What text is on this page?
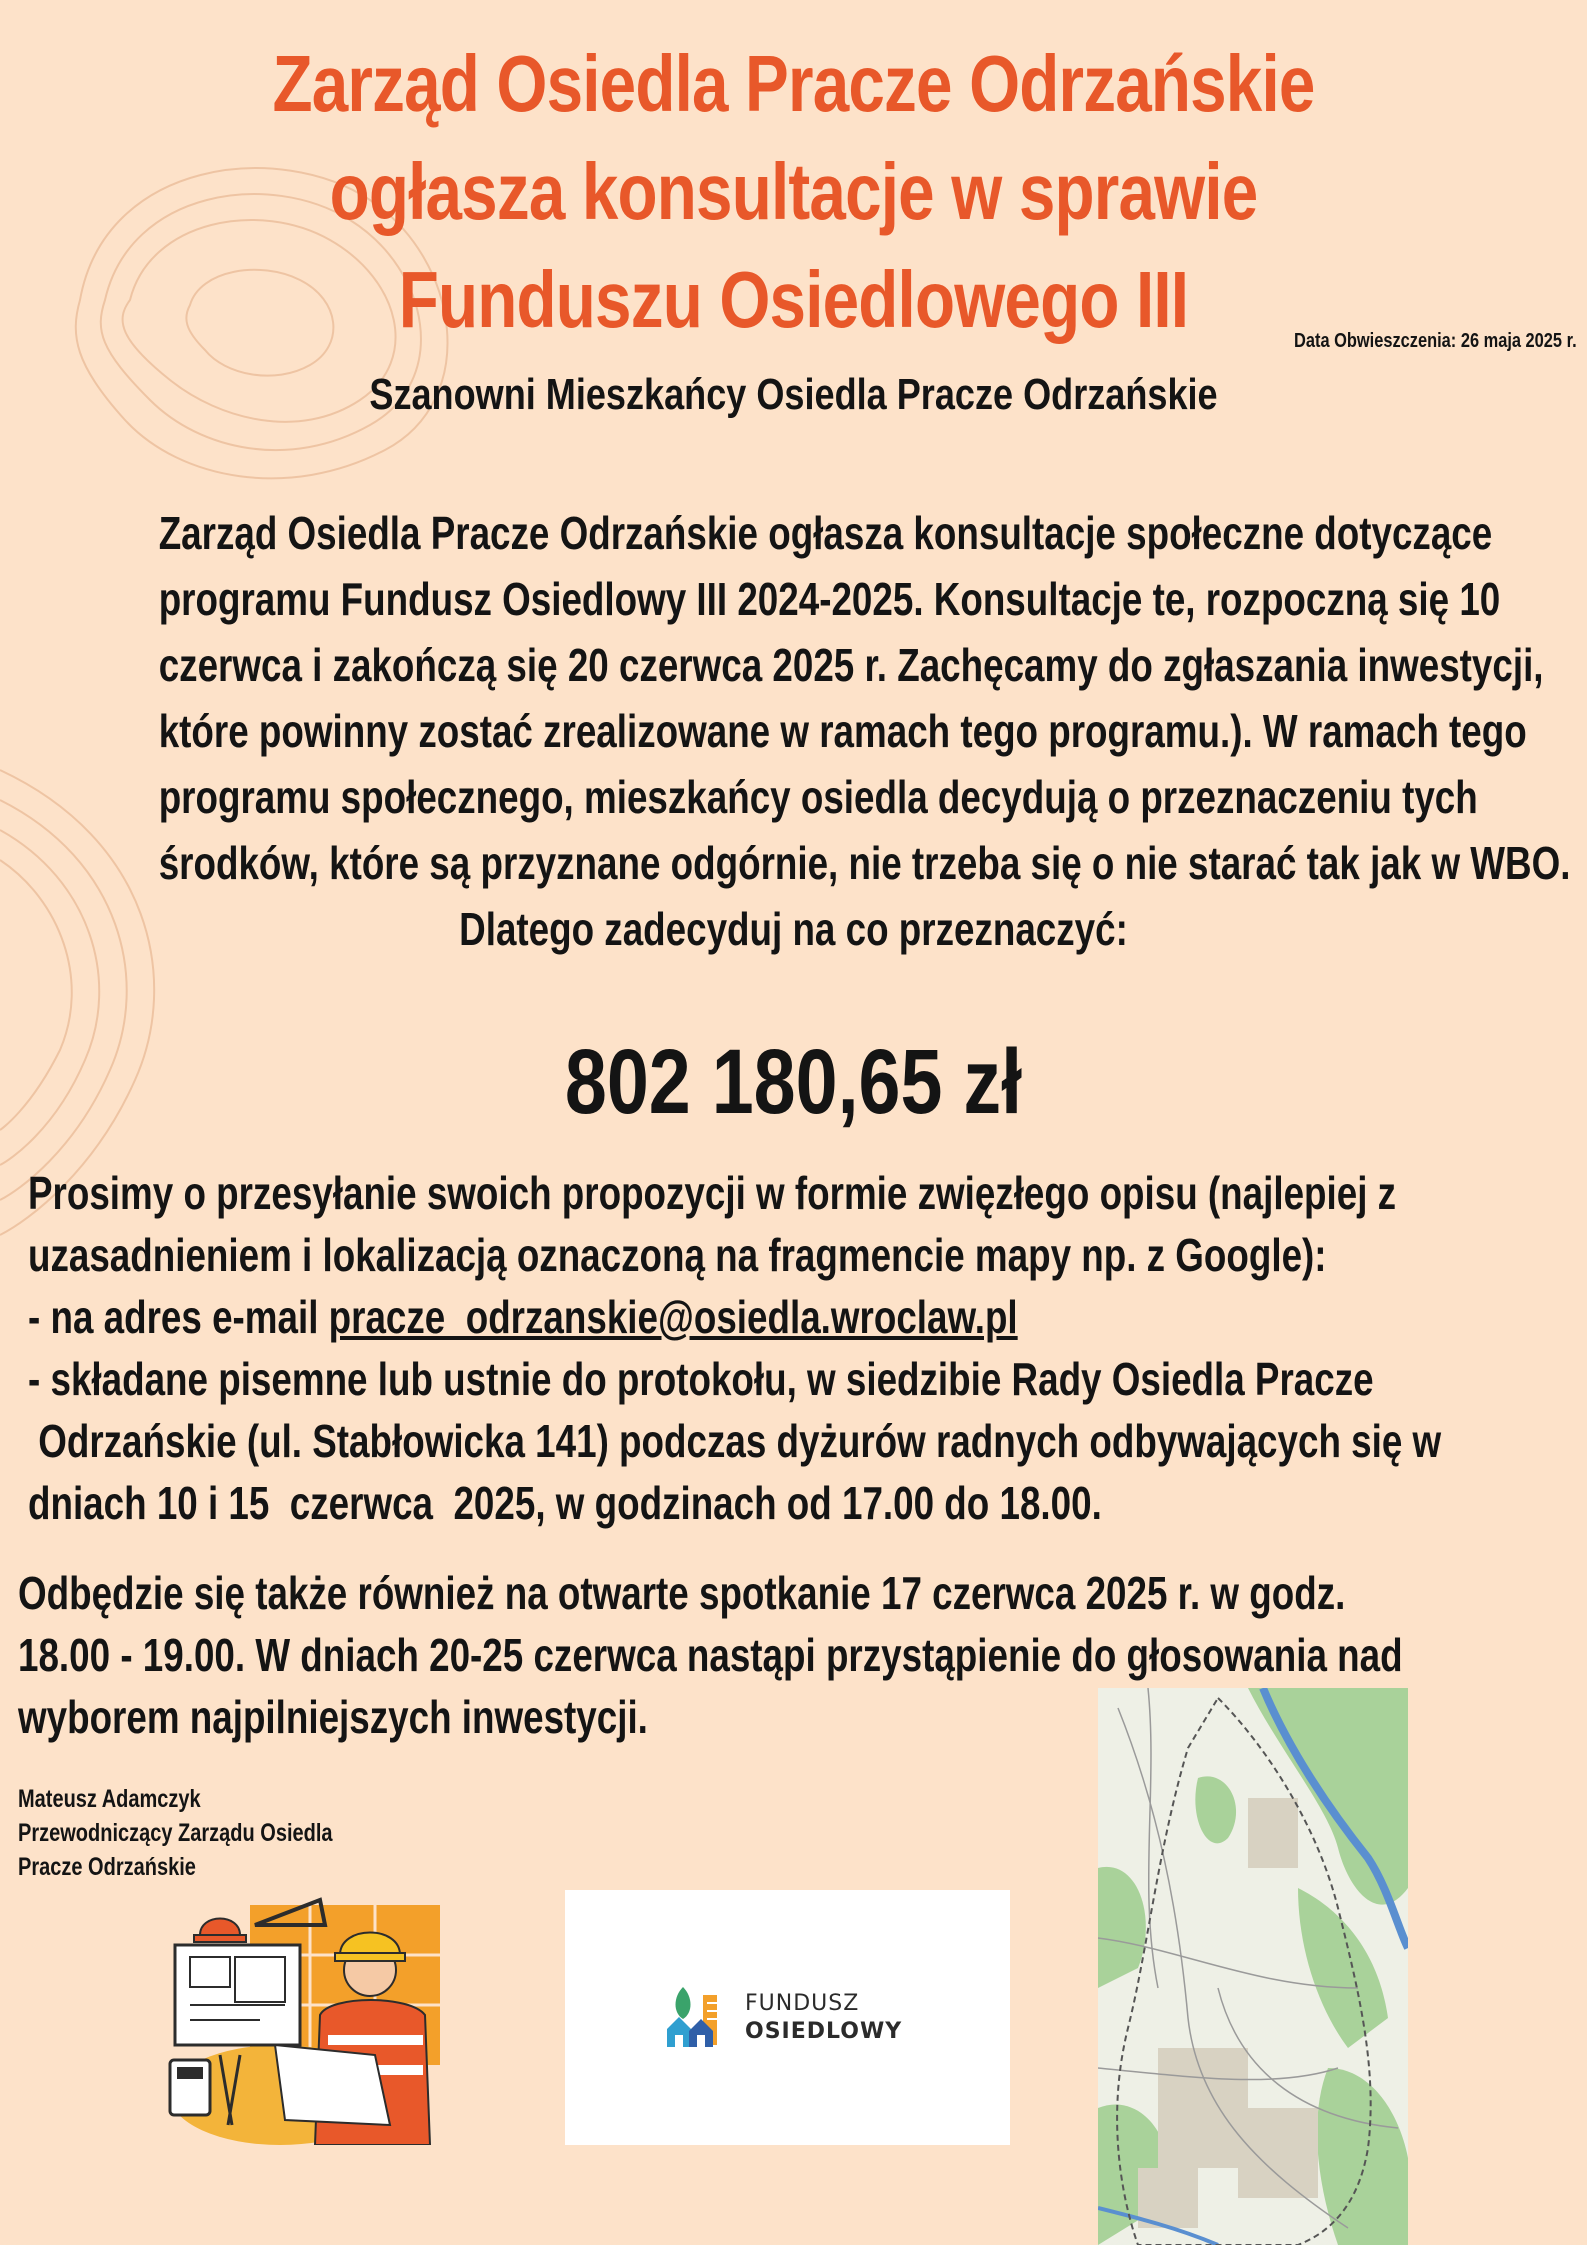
Zarząd Osiedla Pracze Odrzańskie
ogłasza konsultacje w sprawie
Funduszu Osiedlowego III	Data Obwieszczenia: 26 maja 2025 r.
Szanowni Mieszkańcy Osiedla Pracze Odrzańskie
Zarząd Osiedla Pracze Odrzańskie ogłasza konsultacje społeczne dotyczące
programu Fundusz Osiedlowy III 2024-2025. Konsultacje te, rozpoczną się 10
czerwca i zakończą się 20 czerwca 2025 r. Zachęcamy do zgłaszania inwestycji,
które powinny zostać zrealizowane w ramach tego programu.). W ramach tego
programu społecznego, mieszkańcy osiedla decydują o przeznaczeniu tych
środków, które są przyznane odgórnie, nie trzeba się o nie starać tak jak w WBO.
Dlatego zadecyduj na co przeznaczyć:
802 180,65 zł
Prosimy o przesyłanie swoich propozycji w formie zwięzłego opisu (najlepiej z
uzasadnieniem i lokalizacją oznaczoną na fragmencie mapy np. z Google):
- na adres e-mail pracze_odrzanskie@osiedla.wroclaw.pl
- składane pisemne lub ustnie do protokołu, w siedzibie Rady Osiedla Pracze
Odrzańskie (ul. Stabłowicka 141) podczas dyżurów radnych odbywających się w
dniach 10 i 15  czerwca  2025, w godzinach od 17.00 do 18.00.
Odbędzie się także również na otwarte spotkanie 17 czerwca 2025 r. w godz.
18.00 - 19.00. W dniach 20-25 czerwca nastąpi przystąpienie do głosowania nad
wyborem najpilniejszych inwestycji.
Mateusz Adamczyk
Przewodniczący Zarządu Osiedla
Pracze Odrzańskie
FUNDUSZ
OSIEDLOWY
